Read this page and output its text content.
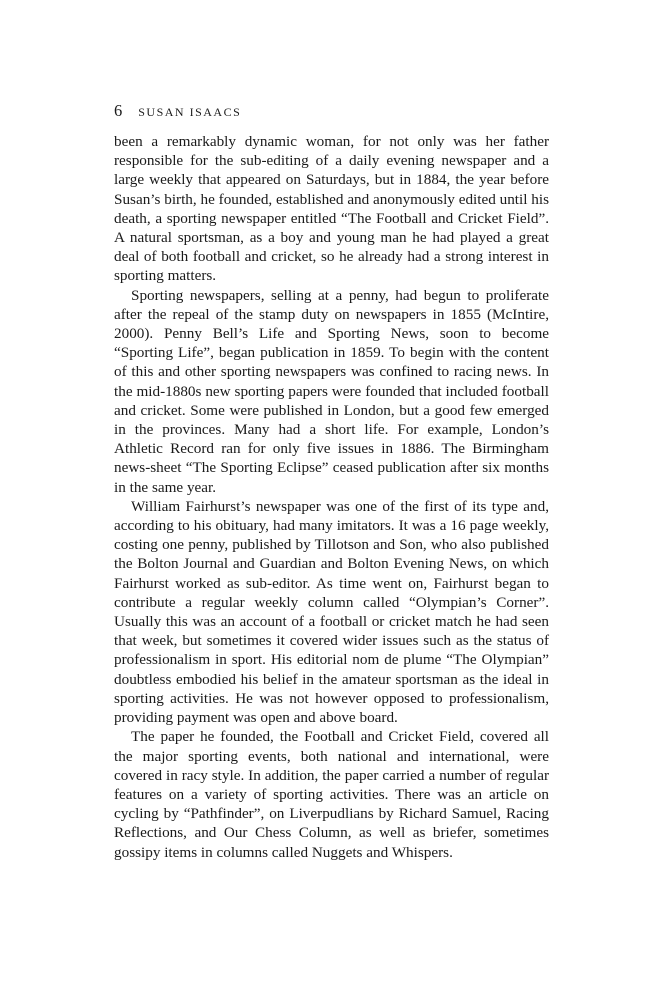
6 SUSAN ISAACS

been a remarkably dynamic woman, for not only was her father responsible for the sub-editing of a daily evening newspaper and a large weekly that appeared on Saturdays, but in 1884, the year before Susan’s birth, he founded, established and anonymously edited until his death, a sporting newspaper entitled “The Football and Cricket Field”. A natural sportsman, as a boy and young man he had played a great deal of both football and cricket, so he already had a strong interest in sporting matters.

Sporting newspapers, selling at a penny, had begun to proliferate after the repeal of the stamp duty on newspapers in 1855 (McIntire, 2000). Penny Bell’s Life and Sporting News, soon to become “Sporting Life”, began publication in 1859. To begin with the content of this and other sporting newspapers was confined to racing news. In the mid-1880s new sporting papers were founded that included football and cricket. Some were published in London, but a good few emerged in the provinces. Many had a short life. For example, London’s Athletic Record ran for only five issues in 1886. The Birmingham news-sheet “The Sporting Eclipse” ceased publication after six months in the same year.

William Fairhurst’s newspaper was one of the first of its type and, according to his obituary, had many imitators. It was a 16 page weekly, costing one penny, published by Tillotson and Son, who also published the Bolton Journal and Guardian and Bolton Evening News, on which Fairhurst worked as sub-editor. As time went on, Fairhurst began to contribute a regular weekly column called “Olympian’s Corner”. Usually this was an account of a football or cricket match he had seen that week, but sometimes it covered wider issues such as the status of professionalism in sport. His editorial nom de plume “The Olympian” doubtless embodied his belief in the amateur sportsman as the ideal in sporting activities. He was not however opposed to professionalism, providing payment was open and above board.

The paper he founded, the Football and Cricket Field, covered all the major sporting events, both national and international, were covered in racy style. In addition, the paper carried a number of regular features on a variety of sporting activities. There was an article on cycling by “Pathfinder”, on Liverpudlians by Richard Samuel, Racing Reflections, and Our Chess Column, as well as briefer, sometimes gossipy items in columns called Nuggets and Whispers.
